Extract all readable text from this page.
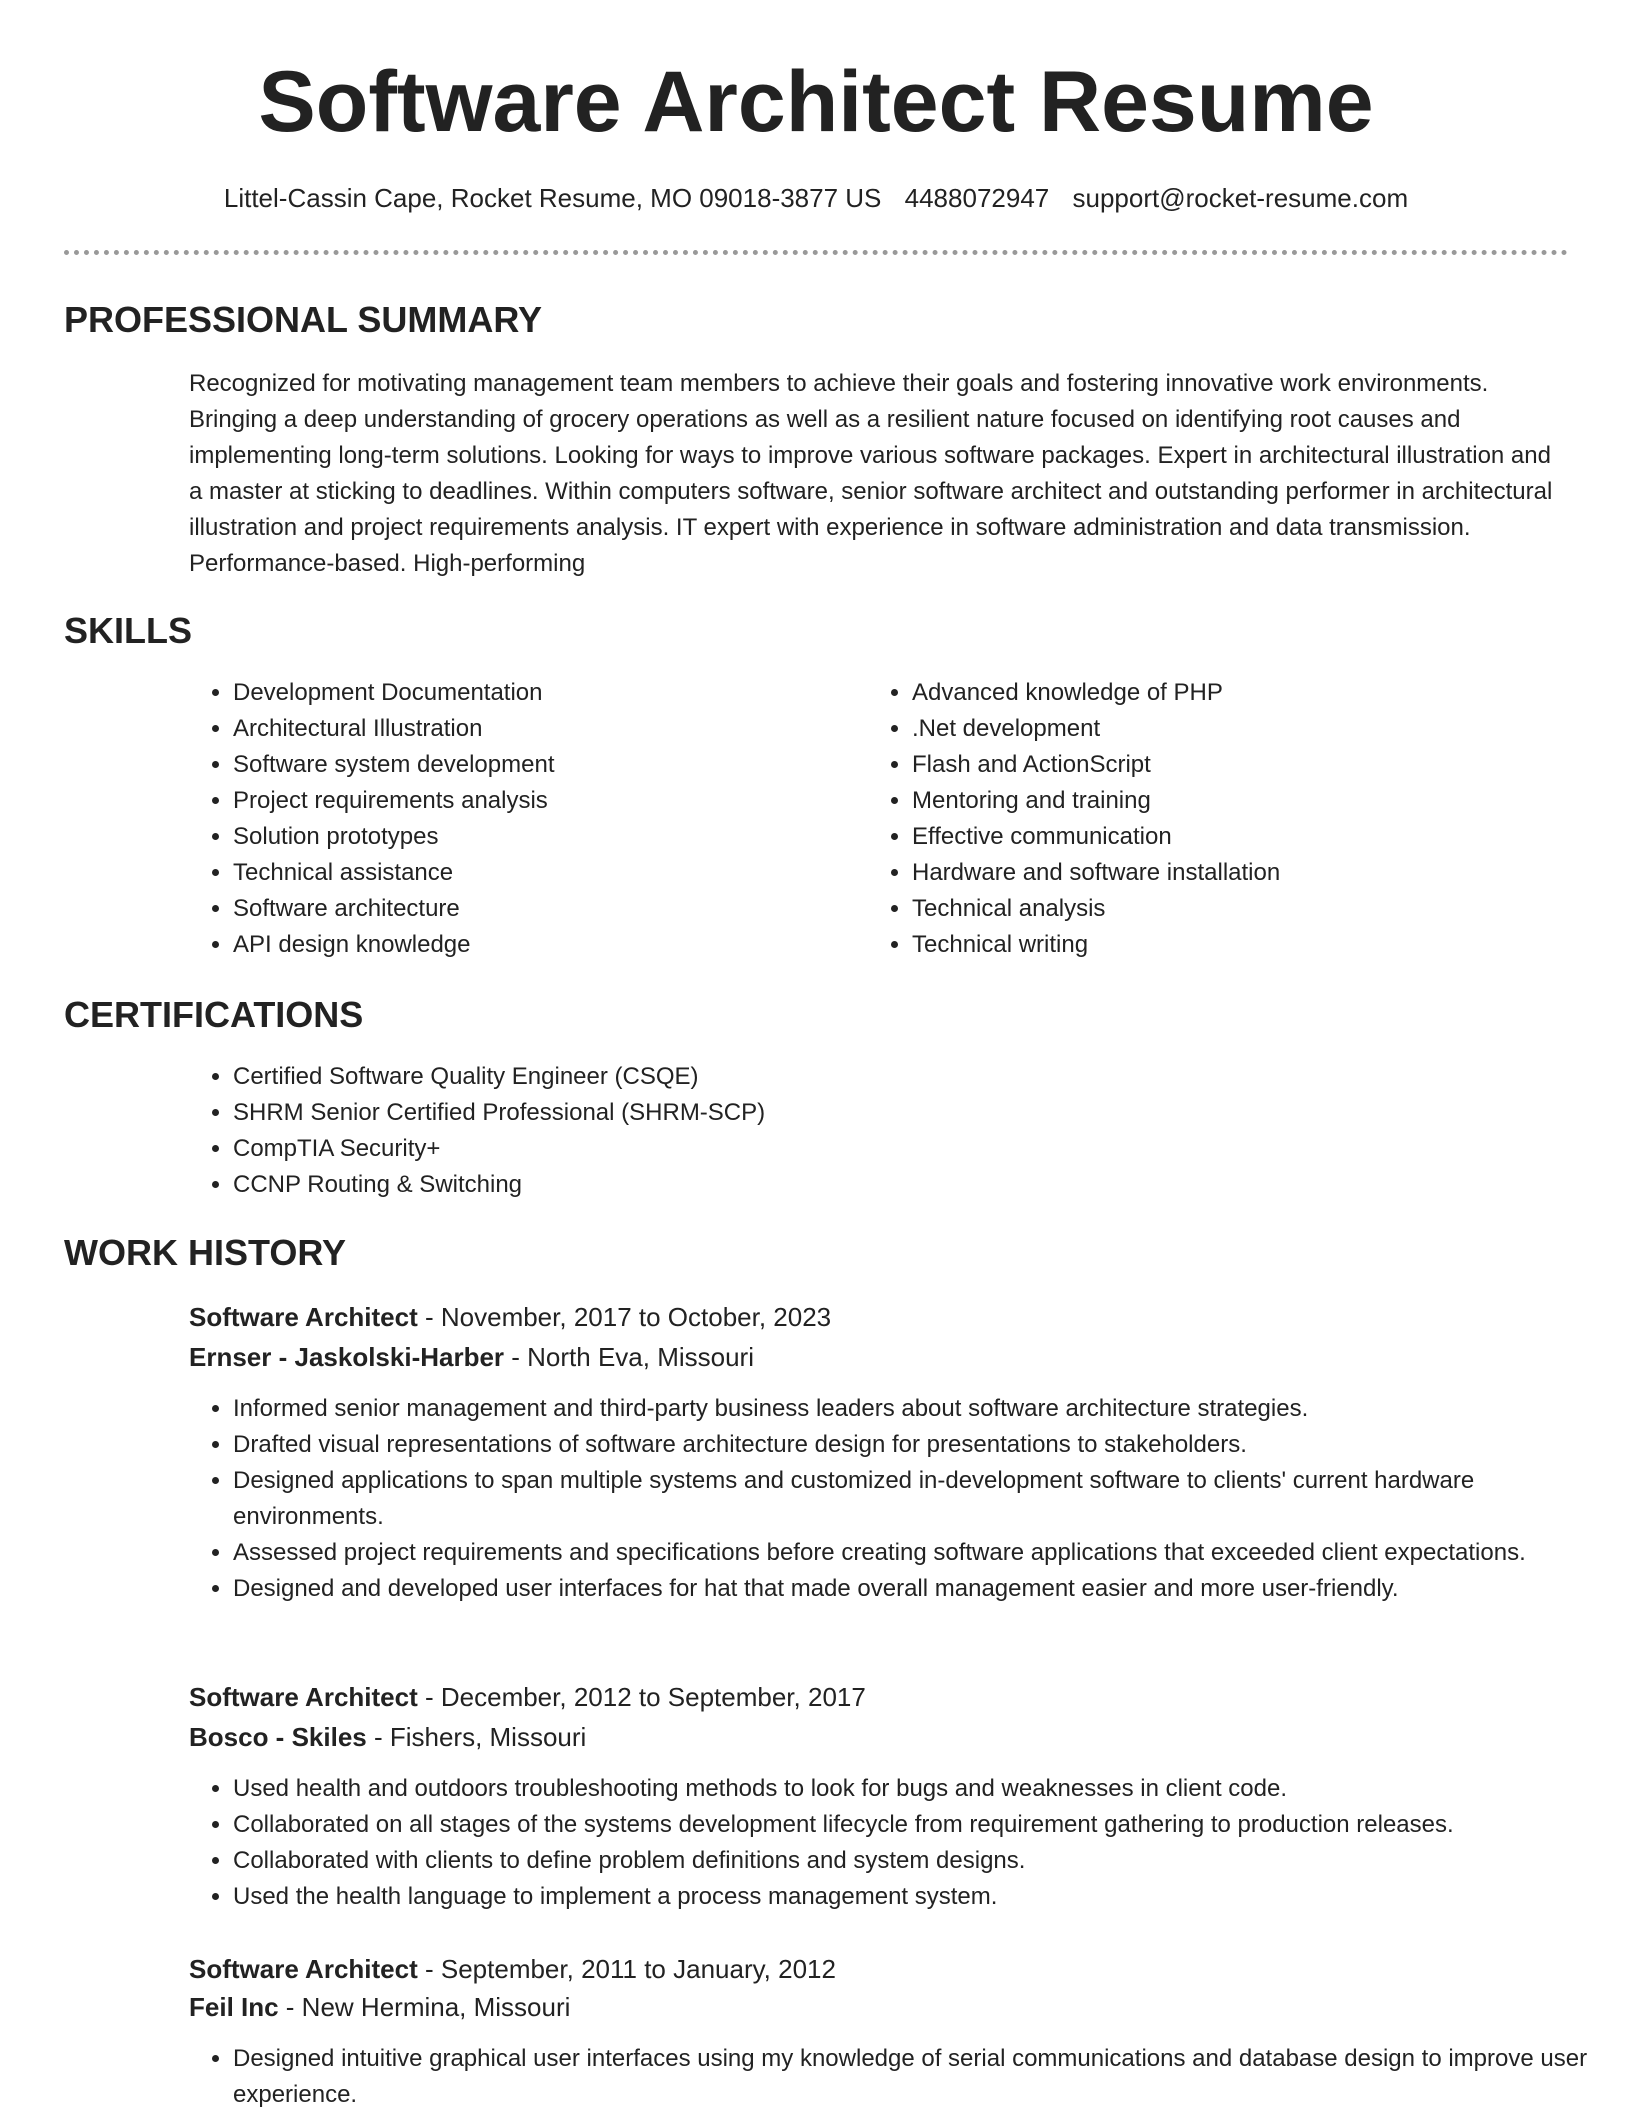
Software Architect Resume
Littel-Cassin Cape, Rocket Resume, MO 09018-3877 US 4488072947 support@rocket-resume.com
PROFESSIONAL SUMMARY

Recognized for motivating management team members to achieve their goals and fostering innovative work environments. Bringing a deep understanding of grocery operations as well as a resilient nature focused on identifying root causes and implementing long-term solutions. Looking for ways to improve various software packages. Expert in architectural illustration and a master at sticking to deadlines. Within computers software, senior software architect and outstanding performer in architectural illustration and project requirements analysis. IT expert with experience in software administration and data transmission. Performance-based. High-performing

SKILLS
• Development Documentation
• Architectural Illustration
• Software system development
• Project requirements analysis
• Solution prototypes
• Technical assistance
• Software architecture
• API design knowledge
• Advanced knowledge of PHP
• .Net development
• Flash and ActionScript
• Mentoring and training
• Effective communication
• Hardware and software installation
• Technical analysis
• Technical writing
CERTIFICATIONS
• Certified Software Quality Engineer (CSQE)
• SHRM Senior Certified Professional (SHRM-SCP)
• CompTIA Security+
• CCNP Routing & Switching
WORK HISTORY
Software Architect - November, 2017 to October, 2023
Ernser - Jaskolski-Harber - North Eva, Missouri
• Informed senior management and third-party business leaders about software architecture strategies.
• Drafted visual representations of software architecture design for presentations to stakeholders.
• Designed applications to span multiple systems and customized in-development software to clients' current hardware environments.
• Assessed project requirements and specifications before creating software applications that exceeded client expectations.
• Designed and developed user interfaces for hat that made overall management easier and more user-friendly.
Software Architect - December, 2012 to September, 2017
Bosco - Skiles - Fishers, Missouri
• Used health and outdoors troubleshooting methods to look for bugs and weaknesses in client code.
• Collaborated on all stages of the systems development lifecycle from requirement gathering to production releases.
• Collaborated with clients to define problem definitions and system designs.
• Used the health language to implement a process management system.
Software Architect - September, 2011 to January, 2012
Feil Inc - New Hermina, Missouri
• Designed intuitive graphical user interfaces using my knowledge of serial communications and database design to improve user experience.
